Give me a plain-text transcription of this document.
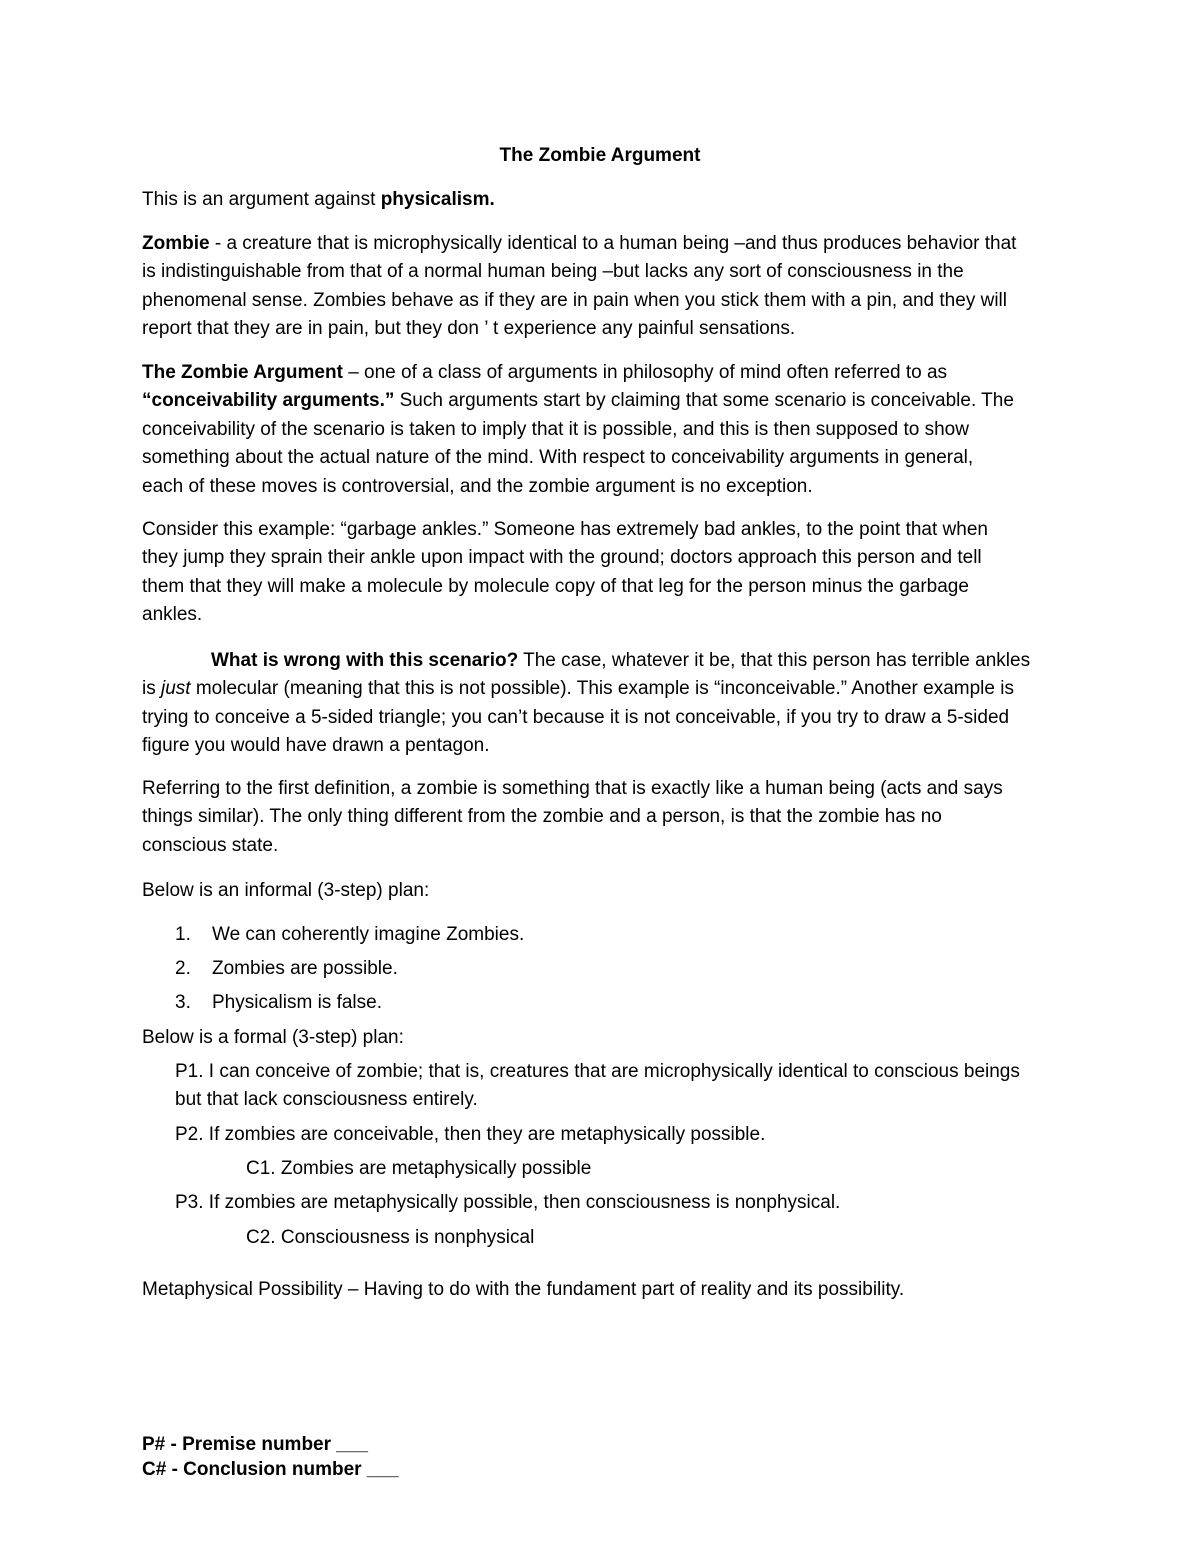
The Zombie Argument

This is an argument against physicalism.

Zombie - a creature that is microphysically identical to a human being –and thus produces behavior that
is indistinguishable from that of a normal human being –but lacks any sort of consciousness in the
phenomenal sense. Zombies behave as if they are in pain when you stick them with a pin, and they will
report that they are in pain, but they don ’ t experience any painful sensations.

The Zombie Argument – one of a class of arguments in philosophy of mind often referred to as
“conceivability arguments.” Such arguments start by claiming that some scenario is conceivable. The
conceivability of the scenario is taken to imply that it is possible, and this is then supposed to show
something about the actual nature of the mind. With respect to conceivability arguments in general,
each of these moves is controversial, and the zombie argument is no exception.

Consider this example: “garbage ankles.” Someone has extremely bad ankles, to the point that when
they jump they sprain their ankle upon impact with the ground; doctors approach this person and tell
them that they will make a molecule by molecule copy of that leg for the person minus the garbage
ankles.

What is wrong with this scenario? The case, whatever it be, that this person has terrible ankles
is just molecular (meaning that this is not possible). This example is “inconceivable.” Another example is
trying to conceive a 5-sided triangle; you can’t because it is not conceivable, if you try to draw a 5-sided
figure you would have drawn a pentagon.

Referring to the first definition, a zombie is something that is exactly like a human being (acts and says
things similar). The only thing different from the zombie and a person, is that the zombie has no
conscious state.

Below is an informal (3-step) plan:
1. We can coherently imagine Zombies.
2. Zombies are possible.
3. Physicalism is false.
Below is a formal (3-step) plan:
P1. I can conceive of zombie; that is, creatures that are microphysically identical to conscious beings
but that lack consciousness entirely.
P2. If zombies are conceivable, then they are metaphysically possible.
C1. Zombies are metaphysically possible
P3. If zombies are metaphysically possible, then consciousness is nonphysical.
C2. Consciousness is nonphysical
Metaphysical Possibility – Having to do with the fundament part of reality and its possibility.
P# - Premise number ___
C# - Conclusion number ___
